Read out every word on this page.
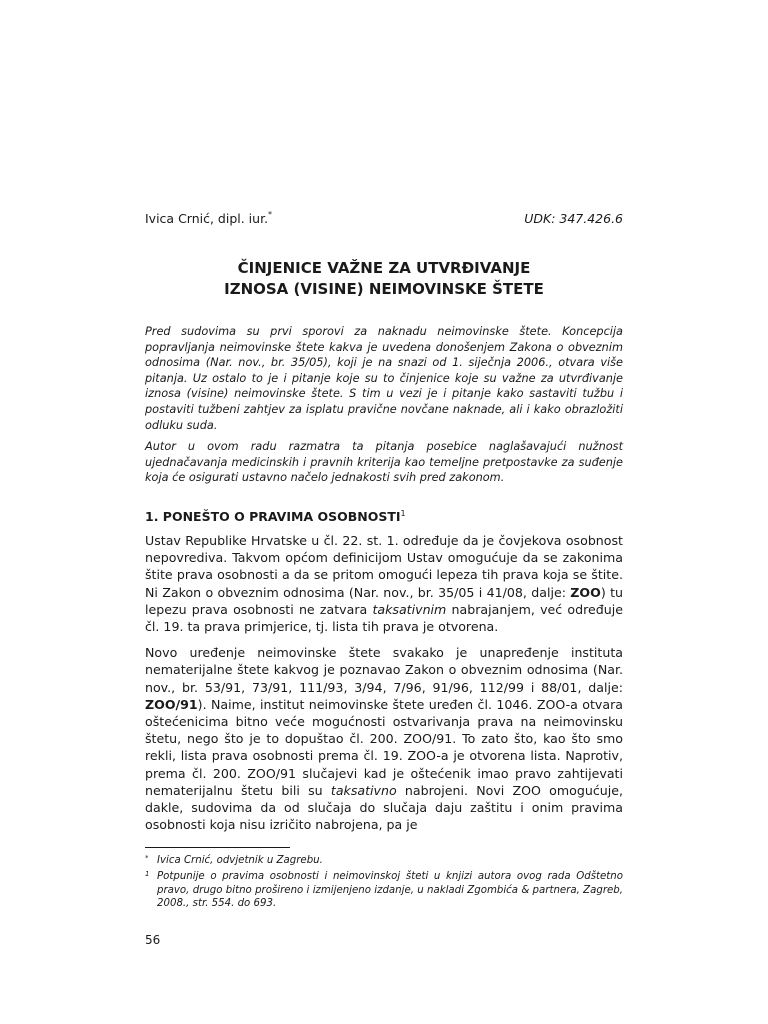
Ivica Crnić, dipl. iur.*	UDK: 347.426.6
ČINJENICE VAŽNE ZA UTVRĐIVANJE
IZNOSA (VISINE) NEIMOVINSKE ŠTETE

Pred sudovima su prvi sporovi za naknadu neimovinske štete. Koncepcija popravljanja neimovinske štete kakva je uvedena donošenjem Zakona o obveznim odnosima (Nar. nov., br. 35/05), koji je na snazi od 1. siječnja 2006., otvara više pitanja. Uz ostalo to je i pitanje koje su to činjenice koje su važne za utvrđivanje iznosa (visine) neimovinske štete. S tim u vezi je i pitanje kako sastaviti tužbu i postaviti tužbeni zahtjev za isplatu pravične novčane naknade, ali i kako obrazložiti odluku suda.

Autor u ovom radu razmatra ta pitanja posebice naglašavajući nužnost ujednačavanja medicinskih i pravnih kriterija kao temeljne pretpostavke za suđenje koja će osigurati ustavno načelo jednakosti svih pred zakonom.

1. PONEŠTO O PRAVIMA OSOBNOSTI$^1$

Ustav Republike Hrvatske u čl. 22. st. 1. određuje da je čovjekova osobnost nepovrediva. Takvom općom definicijom Ustav omogućuje da se zakonima štite prava osobnosti a da se pritom omogući lepeza tih prava koja se štite. Ni Zakon o obveznim odnosima (Nar. nov., br. 35/05 i 41/08, dalje: ZOO) tu lepezu prava osobnosti ne zatvara taksativnim nabrajanjem, već određuje čl. 19. ta prava primjerice, tj. lista tih prava je otvorena.

Novo uređenje neimovinske štete svakako je unapređenje instituta nematerijalne štete kakvog je poznavao Zakon o obveznim odnosima (Nar. nov., br. 53/91, 73/91, 111/93, 3/94, 7/96, 91/96, 112/99 i 88/01, dalje: ZOO/91). Naime, institut neimovinske štete uređen čl. 1046. ZOO-a otvara oštećenicima bitno veće mogućnosti ostvarivanja prava na neimovinsku štetu, nego što je to dopuštao čl. 200. ZOO/91. To zato što, kao što smo rekli, lista prava osobnosti prema čl. 19. ZOO-a je otvorena lista. Naprotiv, prema čl. 200. ZOO/91 slučajevi kad je oštećenik imao pravo zahtijevati nematerijalnu štetu bili su taksativno nabrojeni. Novi ZOO omogućuje, dakle, sudovima da od slučaja do slučaja daju zaštitu i onim pravima osobnosti koja nisu izričito nabrojena, pa je

* Ivica Crnić, odvjetnik u Zagrebu.
1 Potpunije o pravima osobnosti i neimovinskoj šteti u knjizi autora ovog rada Odštetno pravo, drugo bitno prošireno i izmijenjeno izdanje, u nakladi Zgombića & partnera, Zagreb, 2008., str. 554. do 693.
56
